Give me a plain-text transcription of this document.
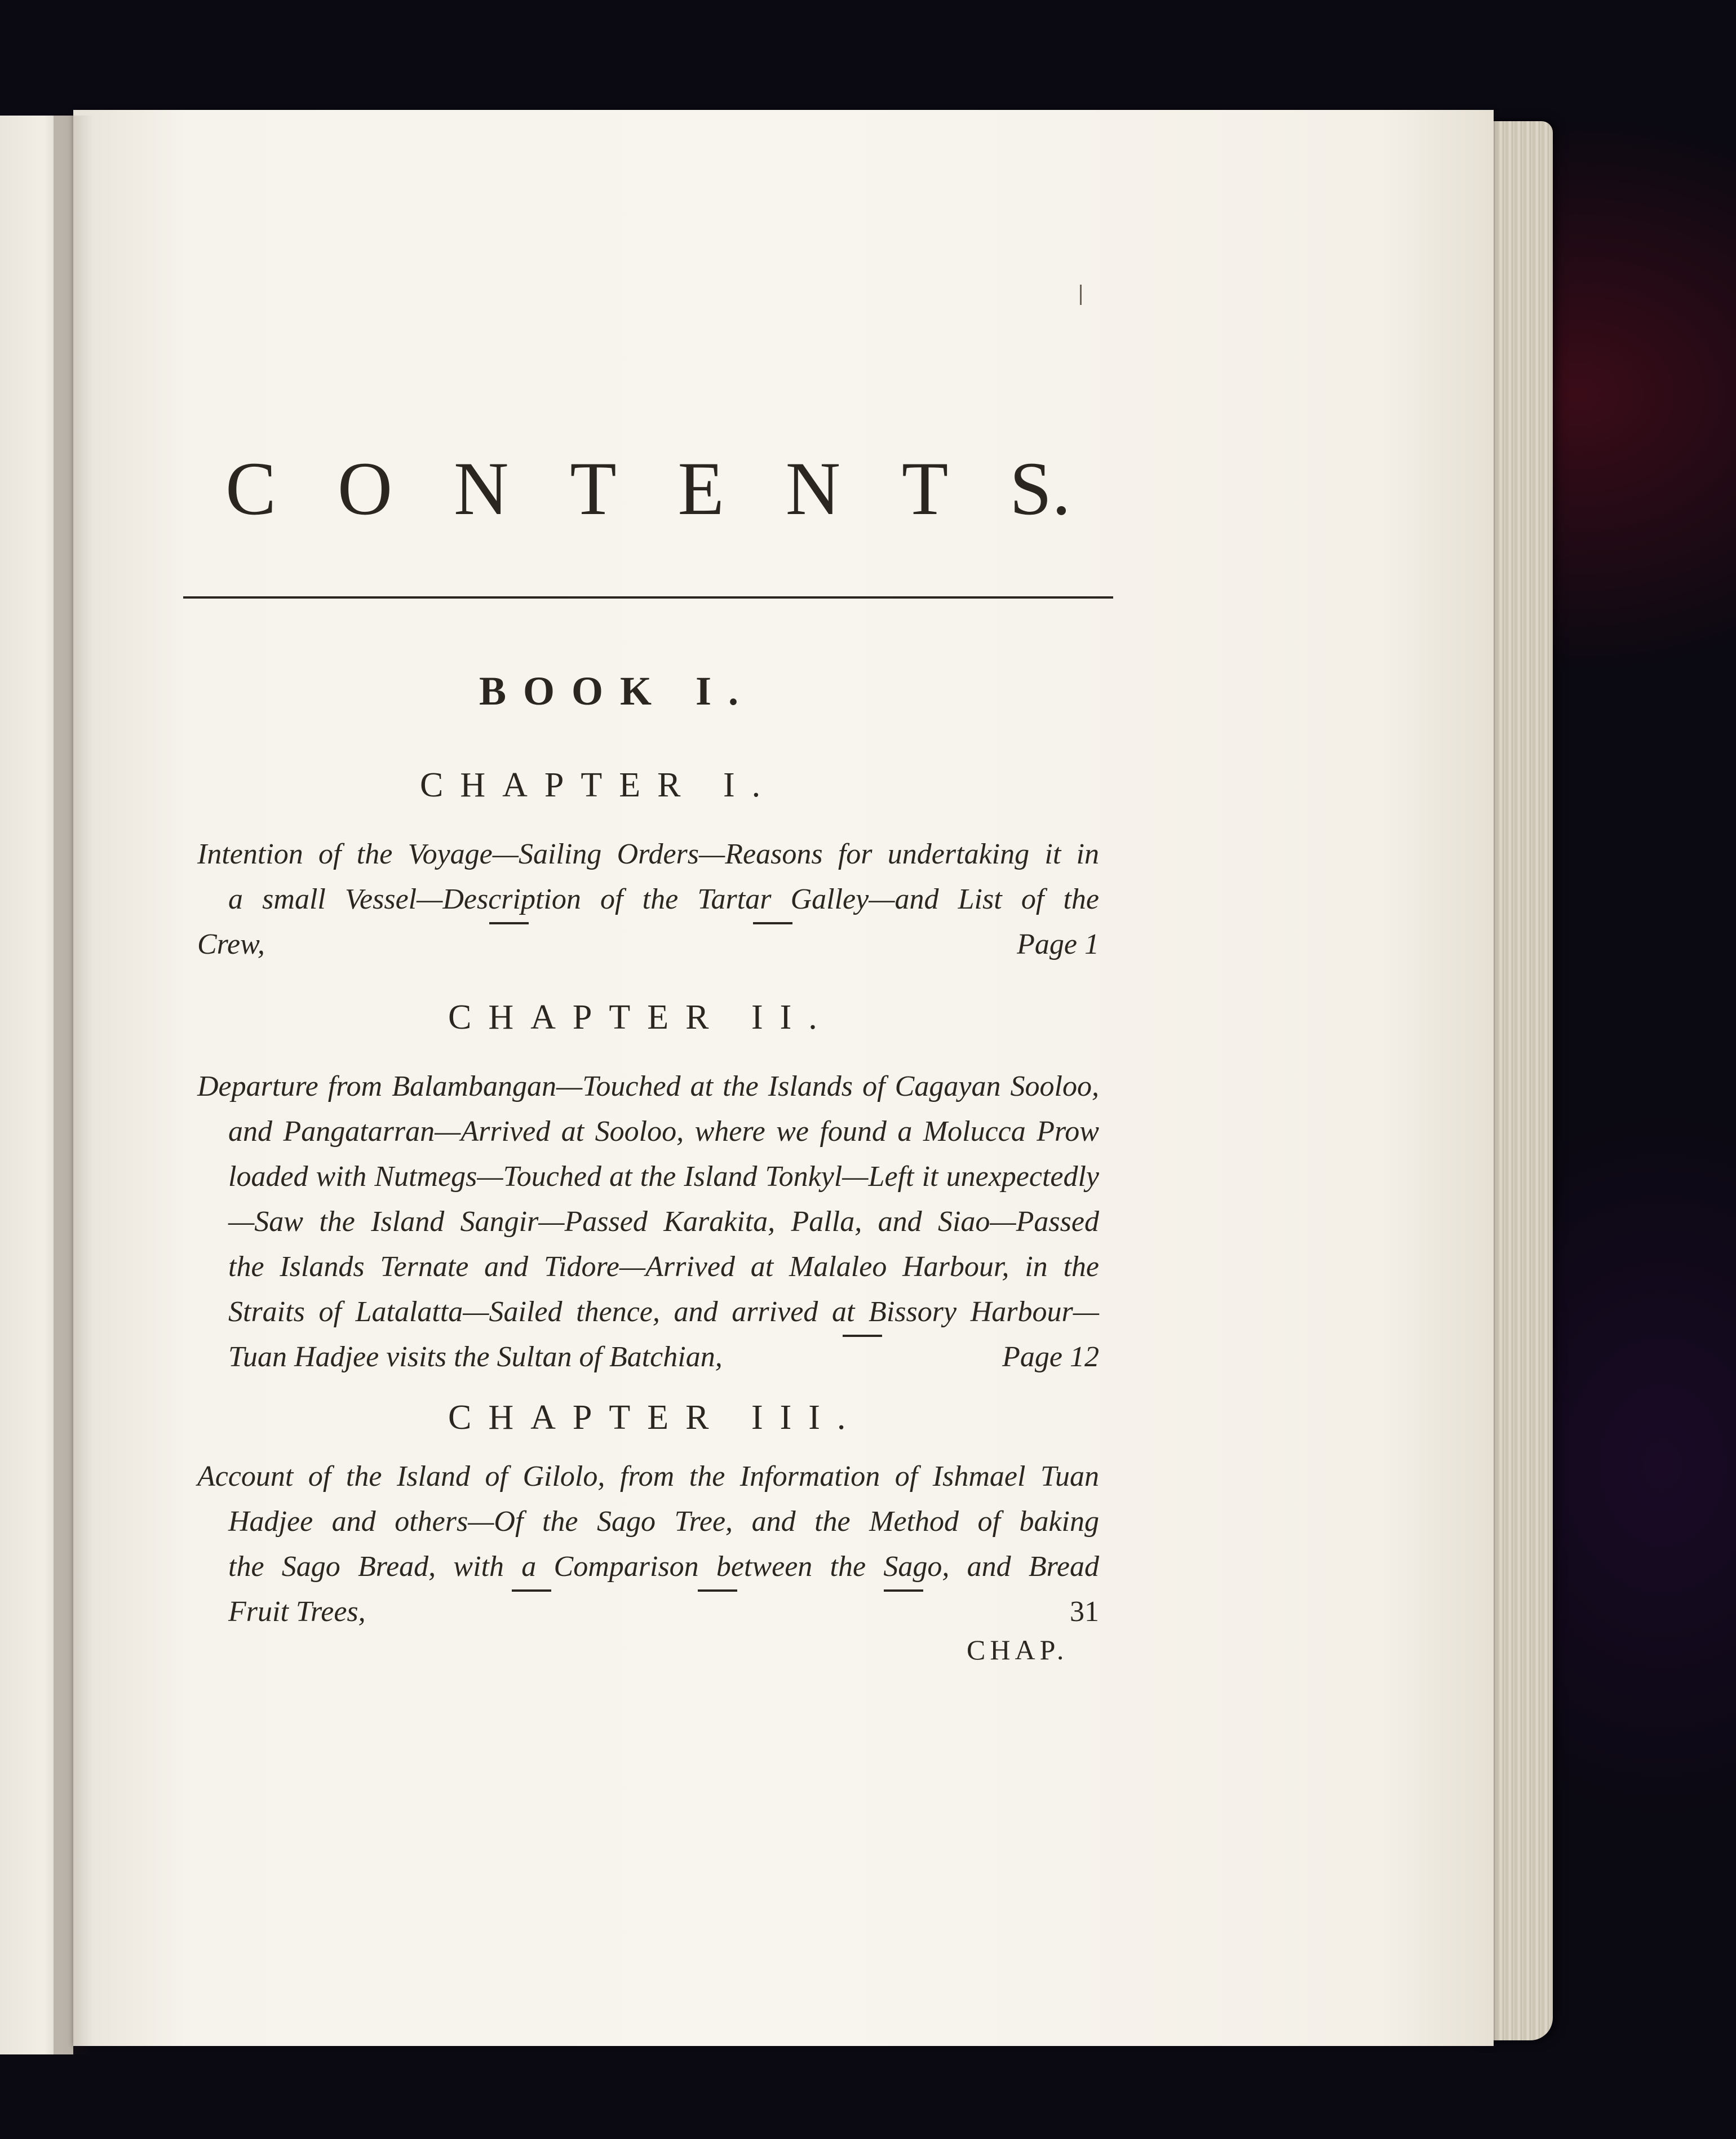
C O N T E N T S.
BOOK I.
CHAPTER I.
Intention of the Voyage—Sailing Orders—Reasons for undertaking it in
a small Vessel—Description of the Tartar Galley—and List of the
Crew,	Page 1
CHAPTER II.
Departure from Balambangan—Touched at the Islands of Cagayan Sooloo,
and Pangatarran—Arrived at Sooloo, where we found a Molucca Prow
loaded with Nutmegs—Touched at the Island Tonkyl—Left it unexpectedly
—Saw the Island Sangir—Passed Karakita, Palla, and Siao—Passed
the Islands Ternate and Tidore—Arrived at Malaleo Harbour, in the
Straits of Latalatta—Sailed thence, and arrived at Bissory Harbour—
Tuan Hadjee visits the Sultan of Batchian,	Page 12
CHAPTER III.
Account of the Island of Gilolo, from the Information of Ishmael Tuan
Hadjee and others—Of the Sago Tree, and the Method of baking
the Sago Bread, with a Comparison between the Sago, and Bread
Fruit Trees,	31
CHAP.
